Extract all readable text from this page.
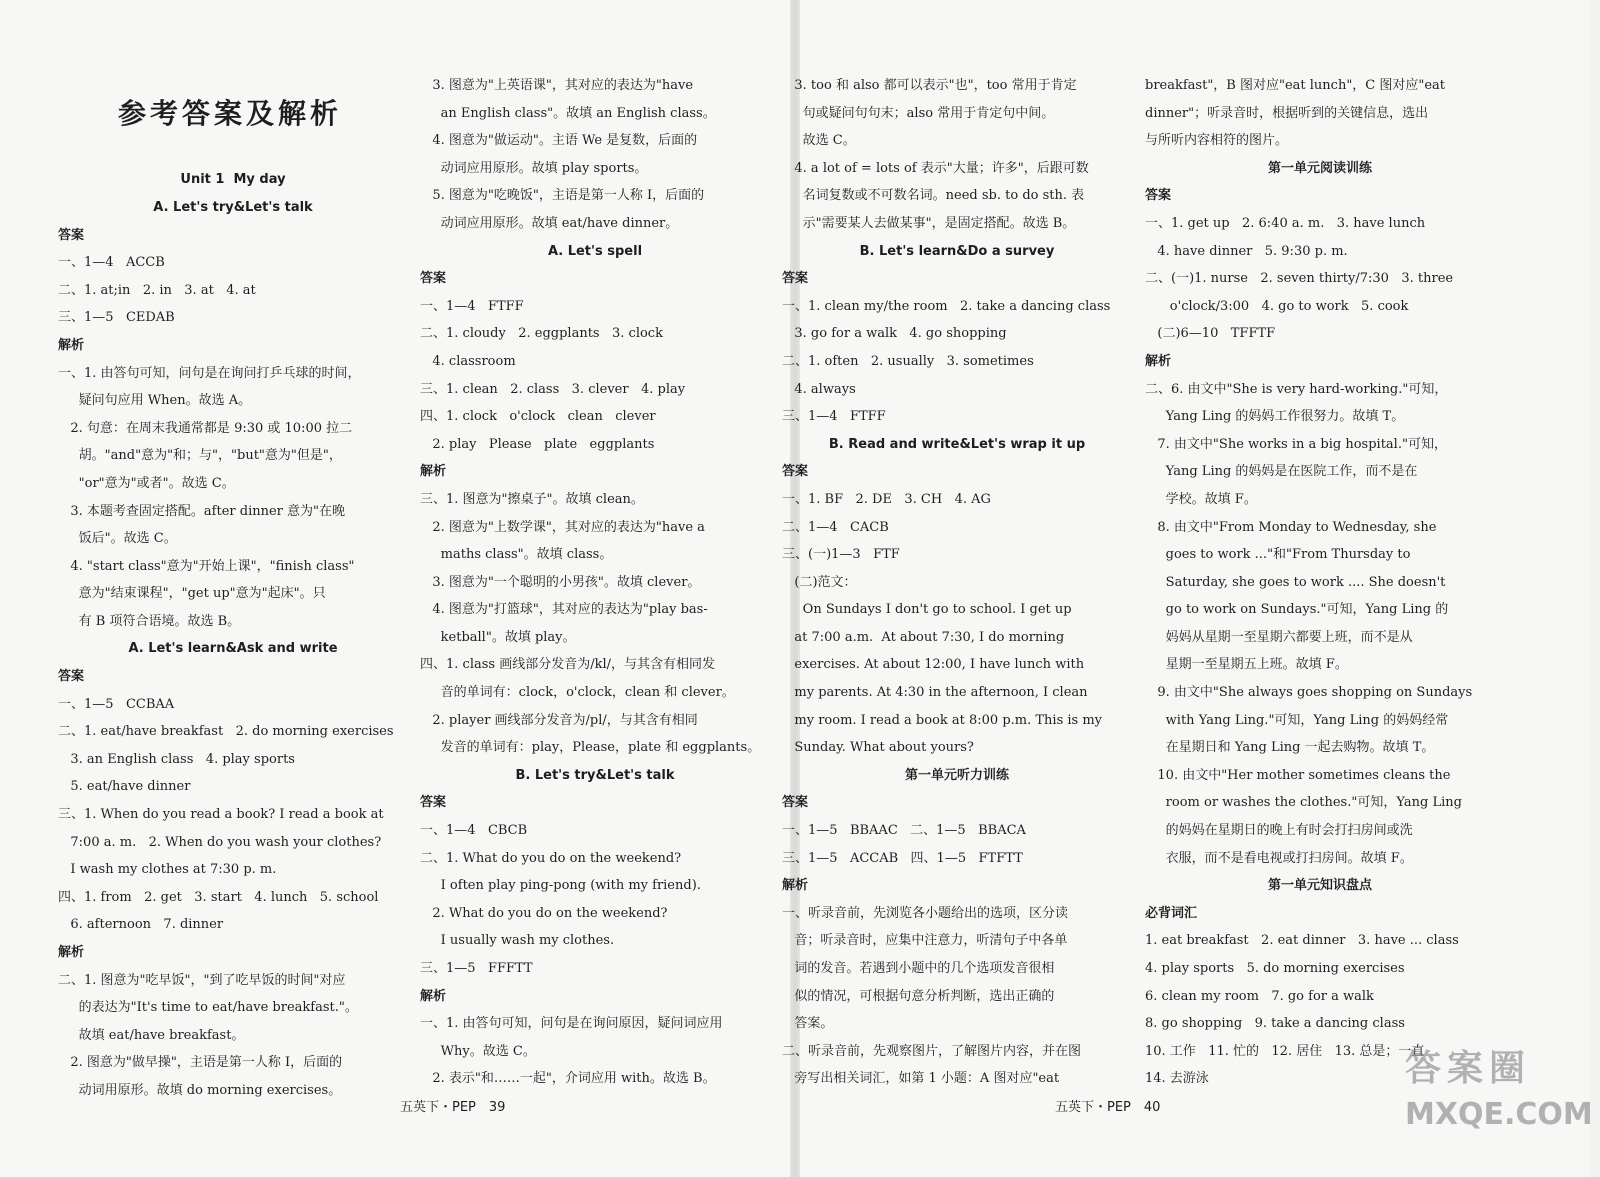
参考答案及解析
Unit 1  My day
A. Let's try&Let's talk
答案
一、1—4   ACCB
二、1. at;in   2. in   3. at   4. at
三、1—5   CEDAB
解析
一、1. 由答句可知，问句是在询问打乒乓球的时间，
疑问句应用 When。故选 A。
2. 句意：在周末我通常都是 9:30 或 10:00 拉二
胡。"and"意为"和；与"，"but"意为"但是"，
"or"意为"或者"。故选 C。
3. 本题考查固定搭配。after dinner 意为"在晚
饭后"。故选 C。
4. "start class"意为"开始上课"，"finish class"
意为"结束课程"，"get up"意为"起床"。只
有 B 项符合语境。故选 B。
A. Let's learn&Ask and write
答案
一、1—5   CCBAA
二、1. eat/have breakfast   2. do morning exercises
3. an English class   4. play sports
5. eat/have dinner
三、1. When do you read a book? I read a book at
7:00 a. m.   2. When do you wash your clothes?
I wash my clothes at 7:30 p. m.
四、1. from   2. get   3. start   4. lunch   5. school
6. afternoon   7. dinner
解析
二、1. 图意为"吃早饭"，"到了吃早饭的时间"对应
的表达为"It's time to eat/have breakfast."。
故填 eat/have breakfast。
2. 图意为"做早操"，主语是第一人称 I，后面的
动词用原形。故填 do morning exercises。
3. 图意为"上英语课"，其对应的表达为"have
an English class"。故填 an English class。
4. 图意为"做运动"。主语 We 是复数，后面的
动词应用原形。故填 play sports。
5. 图意为"吃晚饭"，主语是第一人称 I，后面的
动词应用原形。故填 eat/have dinner。
A. Let's spell
答案
一、1—4   FTFF
二、1. cloudy   2. eggplants   3. clock
4. classroom
三、1. clean   2. class   3. clever   4. play
四、1. clock   o'clock   clean   clever
2. play   Please   plate   eggplants
解析
三、1. 图意为"擦桌子"。故填 clean。
2. 图意为"上数学课"，其对应的表达为"have a
maths class"。故填 class。
3. 图意为"一个聪明的小男孩"。故填 clever。
4. 图意为"打篮球"，其对应的表达为"play bas-
ketball"。故填 play。
四、1. class 画线部分发音为/kl/，与其含有相同发
音的单词有：clock，o'clock，clean 和 clever。
2. player 画线部分发音为/pl/，与其含有相同
发音的单词有：play，Please，plate 和 eggplants。
B. Let's try&Let's talk
答案
一、1—4   CBCB
二、1. What do you do on the weekend?
I often play ping-pong (with my friend).
2. What do you do on the weekend?
I usually wash my clothes.
三、1—5   FFFTT
解析
一、1. 由答句可知，问句是在询问原因，疑问词应用
Why。故选 C。
2. 表示"和……一起"，介词应用 with。故选 B。
五英下・PEP　39
3. too 和 also 都可以表示"也"，too 常用于肯定
句或疑问句句末；also 常用于肯定句中间。
故选 C。
4. a lot of = lots of 表示"大量；许多"，后跟可数
名词复数或不可数名词。need sb. to do sth. 表
示"需要某人去做某事"，是固定搭配。故选 B。
B. Let's learn&Do a survey
答案
一、1. clean my/the room   2. take a dancing class
3. go for a walk   4. go shopping
二、1. often   2. usually   3. sometimes
4. always
三、1—4   FTFF
B. Read and write&Let's wrap it up
答案
一、1. BF   2. DE   3. CH   4. AG
二、1—4   CACB
三、(一)1—3   FTF
(二)范文：
On Sundays I don't go to school. I get up
at 7:00 a.m.  At about 7:30, I do morning
exercises. At about 12:00, I have lunch with
my parents. At 4:30 in the afternoon, I clean
my room. I read a book at 8:00 p.m. This is my
Sunday. What about yours?
第一单元听力训练
答案
一、1—5   BBAAC   二、1—5   BBACA
三、1—5   ACCAB   四、1—5   FTFTT
解析
一、听录音前，先浏览各小题给出的选项，区分读
音；听录音时，应集中注意力，听清句子中各单
词的发音。若遇到小题中的几个选项发音很相
似的情况，可根据句意分析判断，选出正确的
答案。
二、听录音前，先观察图片，了解图片内容，并在图
旁写出相关词汇，如第 1 小题：A 图对应"eat
breakfast"，B 图对应"eat lunch"，C 图对应"eat
dinner"；听录音时，根据听到的关键信息，选出
与所听内容相符的图片。
第一单元阅读训练
答案
一、1. get up   2. 6:40 a. m.   3. have lunch
4. have dinner   5. 9:30 p. m.
二、(一)1. nurse   2. seven thirty/7:30   3. three
o'clock/3:00   4. go to work   5. cook
(二)6—10   TFFTF
解析
二、6. 由文中"She is very hard-working."可知，
Yang Ling 的妈妈工作很努力。故填 T。
7. 由文中"She works in a big hospital."可知，
Yang Ling 的妈妈是在医院工作，而不是在
学校。故填 F。
8. 由文中"From Monday to Wednesday, she
goes to work ..."和"From Thursday to
Saturday, she goes to work .... She doesn't
go to work on Sundays."可知，Yang Ling 的
妈妈从星期一至星期六都要上班，而不是从
星期一至星期五上班。故填 F。
9. 由文中"She always goes shopping on Sundays
with Yang Ling."可知，Yang Ling 的妈妈经常
在星期日和 Yang Ling 一起去购物。故填 T。
10. 由文中"Her mother sometimes cleans the
room or washes the clothes."可知，Yang Ling
的妈妈在星期日的晚上有时会打扫房间或洗
衣服，而不是看电视或打扫房间。故填 F。
第一单元知识盘点
必背词汇
1. eat breakfast   2. eat dinner   3. have ... class
4. play sports   5. do morning exercises
6. clean my room   7. go for a walk
8. go shopping   9. take a dancing class
10. 工作   11. 忙的   12. 居住   13. 总是；一直
14. 去游泳
五英下・PEP　40
答案圈
MXQE.COM
